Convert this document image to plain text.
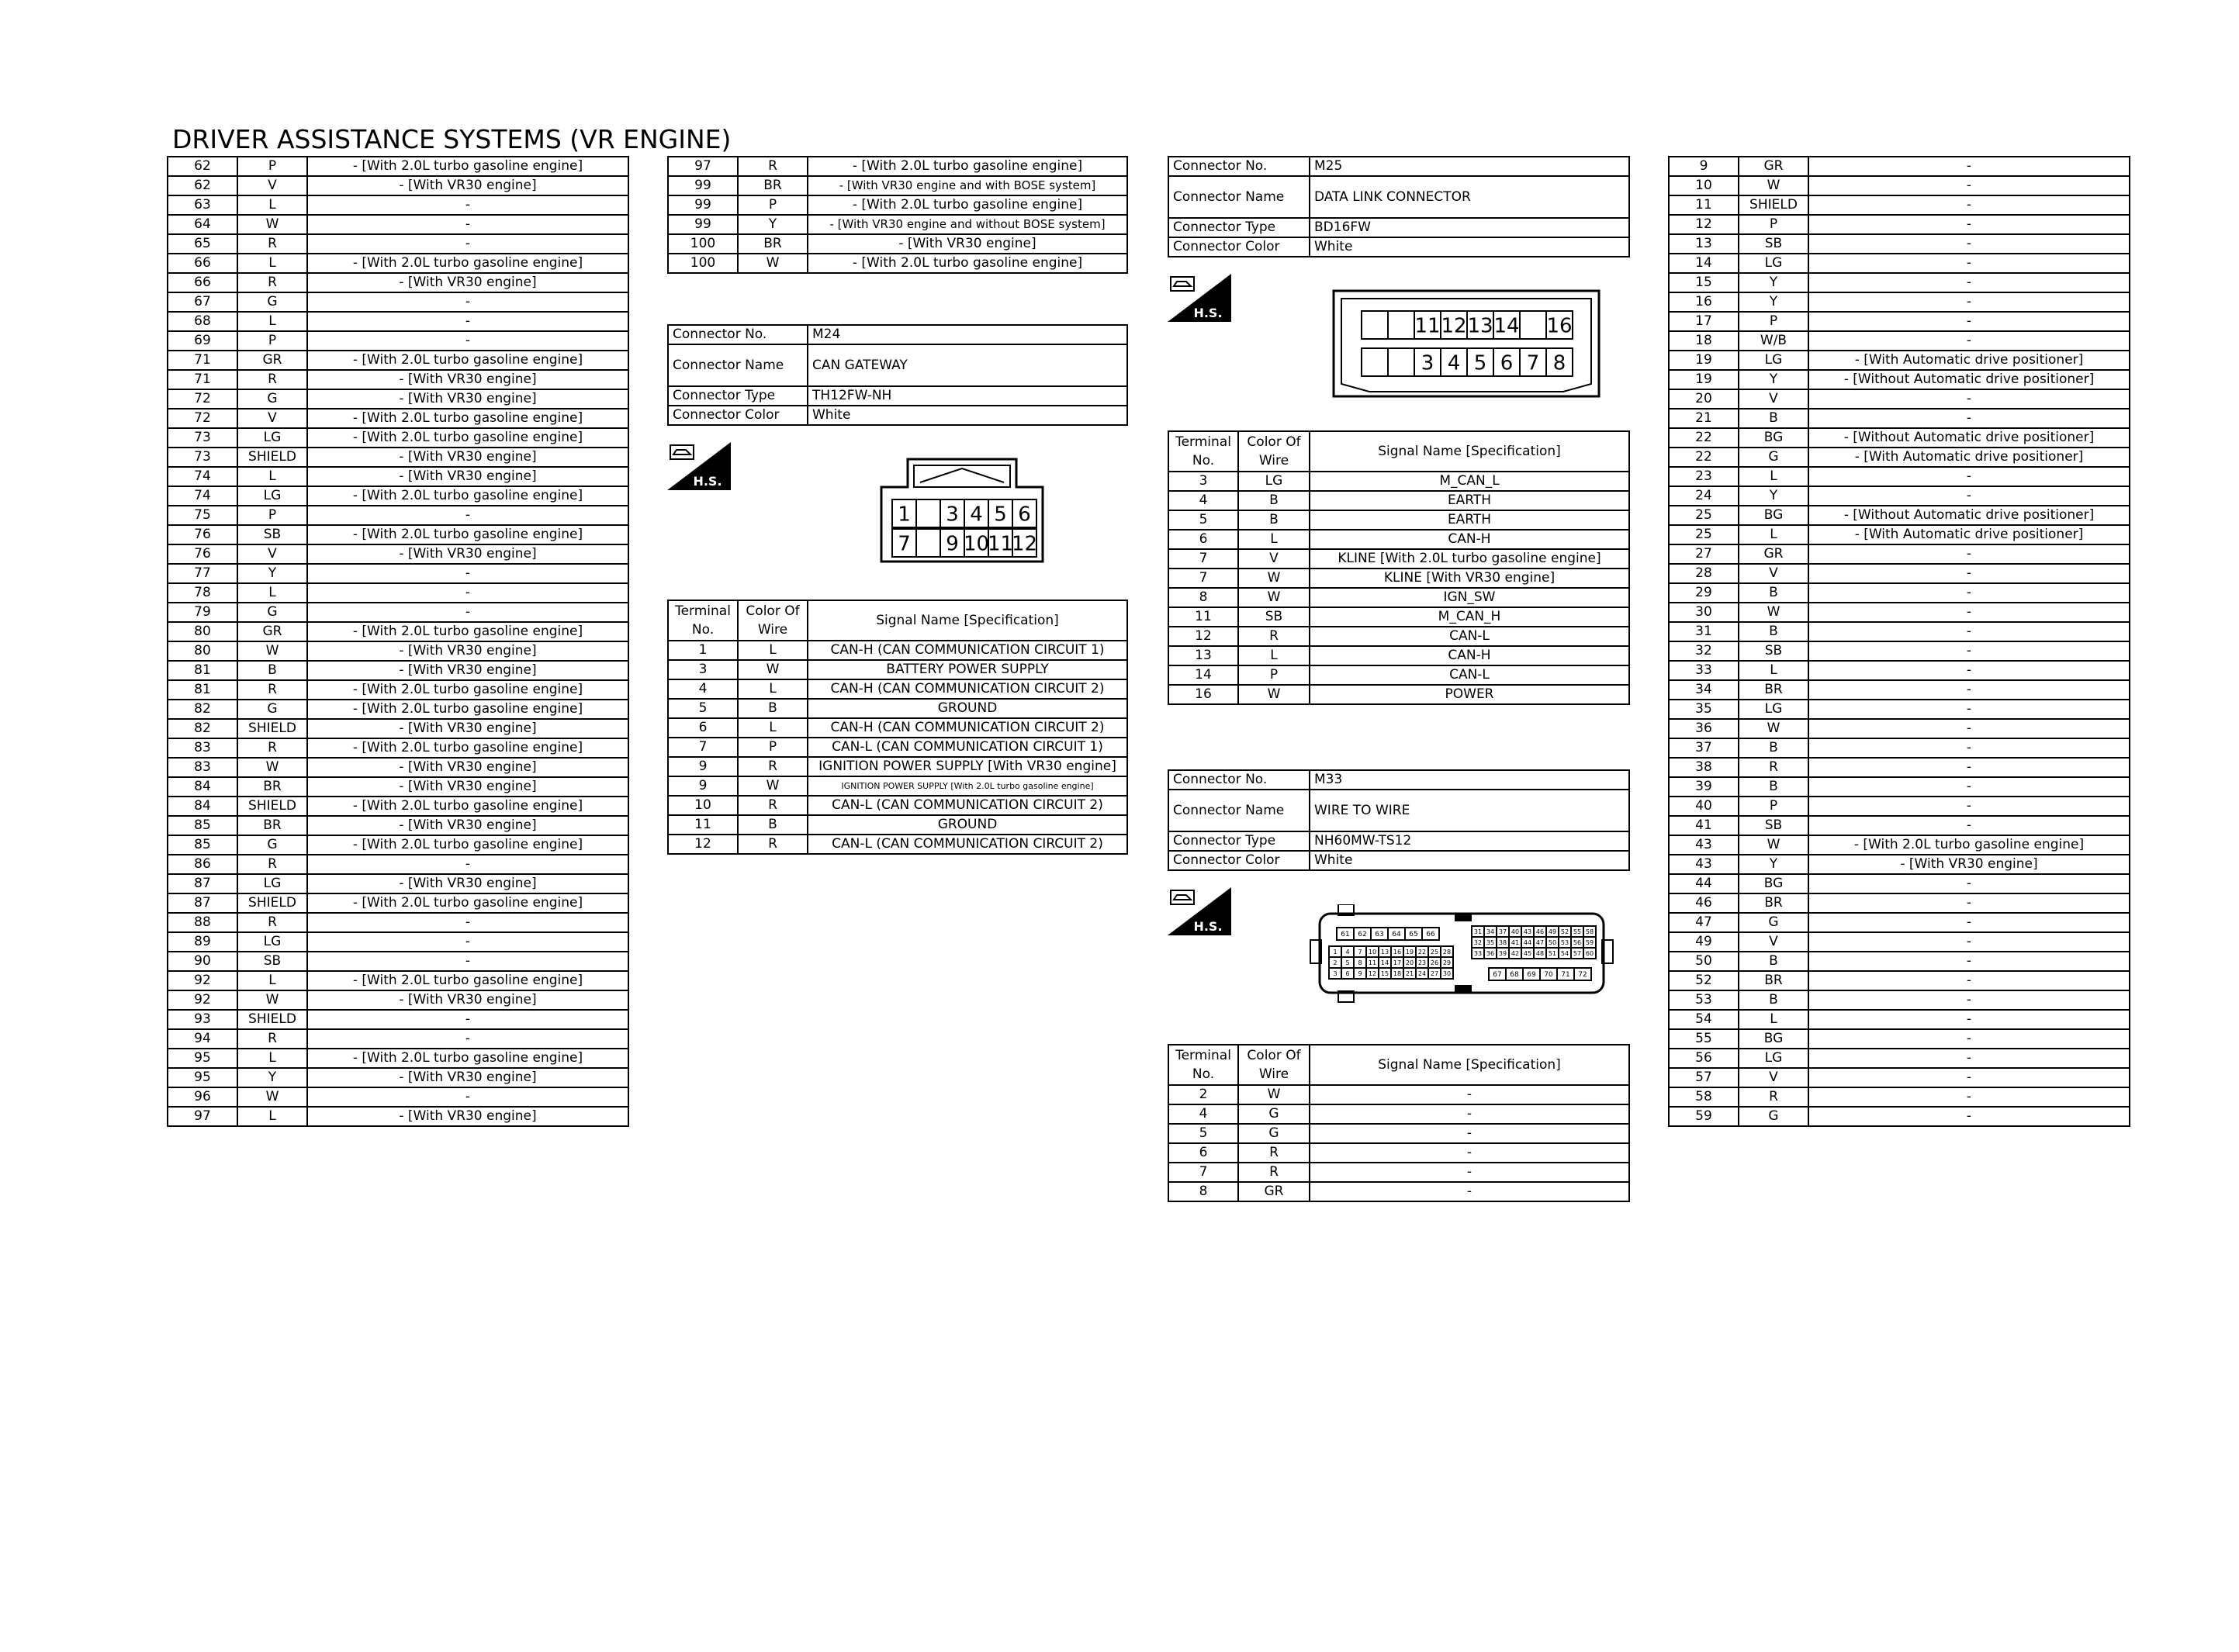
DRIVER ASSISTANCE SYSTEMS (VR ENGINE)
62	P	- [With 2.0L turbo gasoline engine]
62	V	- [With VR30 engine]
63	L	-
64	W	-
65	R	-
66	L	- [With 2.0L turbo gasoline engine]
66	R	- [With VR30 engine]
67	G	-
68	L	-
69	P	-
71	GR	- [With 2.0L turbo gasoline engine]
71	R	- [With VR30 engine]
72	G	- [With VR30 engine]
72	V	- [With 2.0L turbo gasoline engine]
73	LG	- [With 2.0L turbo gasoline engine]
73	SHIELD	- [With VR30 engine]
74	L	- [With VR30 engine]
74	LG	- [With 2.0L turbo gasoline engine]
75	P	-
76	SB	- [With 2.0L turbo gasoline engine]
76	V	- [With VR30 engine]
77	Y	-
78	L	-
79	G	-
80	GR	- [With 2.0L turbo gasoline engine]
80	W	- [With VR30 engine]
81	B	- [With VR30 engine]
81	R	- [With 2.0L turbo gasoline engine]
82	G	- [With 2.0L turbo gasoline engine]
82	SHIELD	- [With VR30 engine]
83	R	- [With 2.0L turbo gasoline engine]
83	W	- [With VR30 engine]
84	BR	- [With VR30 engine]
84	SHIELD	- [With 2.0L turbo gasoline engine]
85	BR	- [With VR30 engine]
85	G	- [With 2.0L turbo gasoline engine]
86	R	-
87	LG	- [With VR30 engine]
87	SHIELD	- [With 2.0L turbo gasoline engine]
88	R	-
89	LG	-
90	SB	-
92	L	- [With 2.0L turbo gasoline engine]
92	W	- [With VR30 engine]
93	SHIELD	-
94	R	-
95	L	- [With 2.0L turbo gasoline engine]
95	Y	- [With VR30 engine]
96	W	-
97	L	- [With VR30 engine]
97	R	- [With 2.0L turbo gasoline engine]
99	BR	- [With VR30 engine and with BOSE system]
99	P	- [With 2.0L turbo gasoline engine]
99	Y	- [With VR30 engine and without BOSE system]
100	BR	- [With VR30 engine]
100	W	- [With 2.0L turbo gasoline engine]
Connector No.	M24
Connector Name	CAN GATEWAY
Connector Type	TH12FW-NH
Connector Color	White
H.S.
1 3 4 5 6
7 9 10
11
12
Terminal No.	Color Of Wire	Signal Name [Specification]
1	L	CAN-H (CAN COMMUNICATION CIRCUIT 1)
3	W	BATTERY POWER SUPPLY
4	L	CAN-H (CAN COMMUNICATION CIRCUIT 2)
5	B	GROUND
6	L	CAN-H (CAN COMMUNICATION CIRCUIT 2)
7	P	CAN-L (CAN COMMUNICATION CIRCUIT 1)
9	R	IGNITION POWER SUPPLY [With VR30 engine]
9	W	IGNITION POWER SUPPLY [With 2.0L turbo gasoline engine]
10	R	CAN-L (CAN COMMUNICATION CIRCUIT 2)
11	B	GROUND
12	R	CAN-L (CAN COMMUNICATION CIRCUIT 2)
Connector No.	M25
Connector Name	DATA LINK CONNECTOR
Connector Type	BD16FW
Connector Color	White
H.S.
11 12 13 14 16
3 4 5 6 7 8
Terminal No.	Color Of Wire	Signal Name [Specification]
3	LG	M_CAN_L
4	B	EARTH
5	B	EARTH
6	L	CAN-H
7	V	KLINE [With 2.0L turbo gasoline engine]
7	W	KLINE [With VR30 engine]
8	W	IGN_SW
11	SB	M_CAN_H
12	R	CAN-L
13	L	CAN-H
14	P	CAN-L
16	W	POWER
Connector No.	M33
Connector Name	WIRE TO WIRE
Connector Type	NH60MW-TS12
Connector Color	White
H.S.
61 62 63 64 65 66
1 4 7 10 13 16 19 22 25 28
2 5 8 11 14 17 20 23 26 29
3 6 9 12 15 18 21 24 27 30
31 34 37 40 43 46 49 52 55 58
32 35 38 41 44 47 50 53 56 59
33 36 39 42 45 48 51 54 57 60
67 68 69 70 71 72
Terminal No.	Color Of Wire	Signal Name [Specification]
2	W	-
4	G	-
5	G	-
6	R	-
7	R	-
8	GR	-
9	GR	-
10	W	-
11	SHIELD	-
12	P	-
13	SB	-
14	LG	-
15	Y	-
16	Y	-
17	P	-
18	W/B	-
19	LG	- [With Automatic drive positioner]
19	Y	- [Without Automatic drive positioner]
20	V	-
21	B	-
22	BG	- [Without Automatic drive positioner]
22	G	- [With Automatic drive positioner]
23	L	-
24	Y	-
25	BG	- [Without Automatic drive positioner]
25	L	- [With Automatic drive positioner]
27	GR	-
28	V	-
29	B	-
30	W	-
31	B	-
32	SB	-
33	L	-
34	BR	-
35	LG	-
36	W	-
37	B	-
38	R	-
39	B	-
40	P	-
41	SB	-
43	W	- [With 2.0L turbo gasoline engine]
43	Y	- [With VR30 engine]
44	BG	-
46	BR	-
47	G	-
49	V	-
50	B	-
52	BR	-
53	B	-
54	L	-
55	BG	-
56	LG	-
57	V	-
58	R	-
59	G	-
